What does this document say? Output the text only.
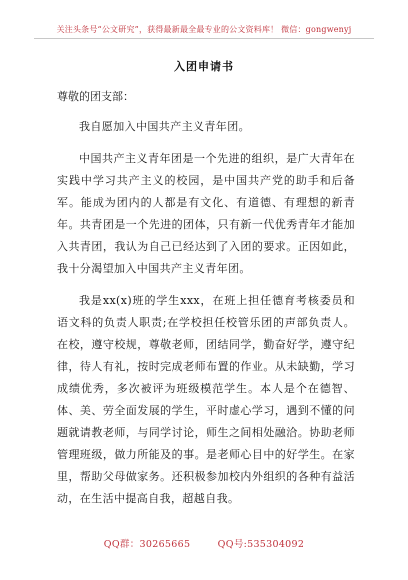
关注头条号“公文研究”，获得最新最全最专业的公文资料库！ 微信：gongwenyj
入团申请书

尊敬的团支部：

我自愿加入中国共产主义青年团。

中国共产主义青年团是一个先进的组织，是广大青年在实践中学习共产主义的校园，是中国共产党的助手和后备军。能成为团内的人都是有文化、有道德、有理想的新青年。共青团是一个先进的团体，只有新一代优秀青年才能加入共青团，我认为自己已经达到了入团的要求。正因如此，我十分渴望加入中国共产主义青年团。

我是xx(x)班的学生xxx，在班上担任德育考核委员和语文科的负责人职责;在学校担任校管乐团的声部负责人。在校，遵守校规，尊敬老师，团结同学，勤奋好学，遵守纪律，待人有礼，按时完成老师布置的作业。从未缺勤，学习成绩优秀，多次被评为班级模范学生。本人是个在德智、体、美、劳全面发展的学生，平时虚心学习，遇到不懂的问题就请教老师，与同学讨论，师生之间相处融洽。协助老师管理班级，做力所能及的事。是老师心目中的好学生。在家里，帮助父母做家务。还积极参加校内外组织的各种有益活动，在生活中提高自我，超越自我。

QQ群：30265665	QQ号:535304092
